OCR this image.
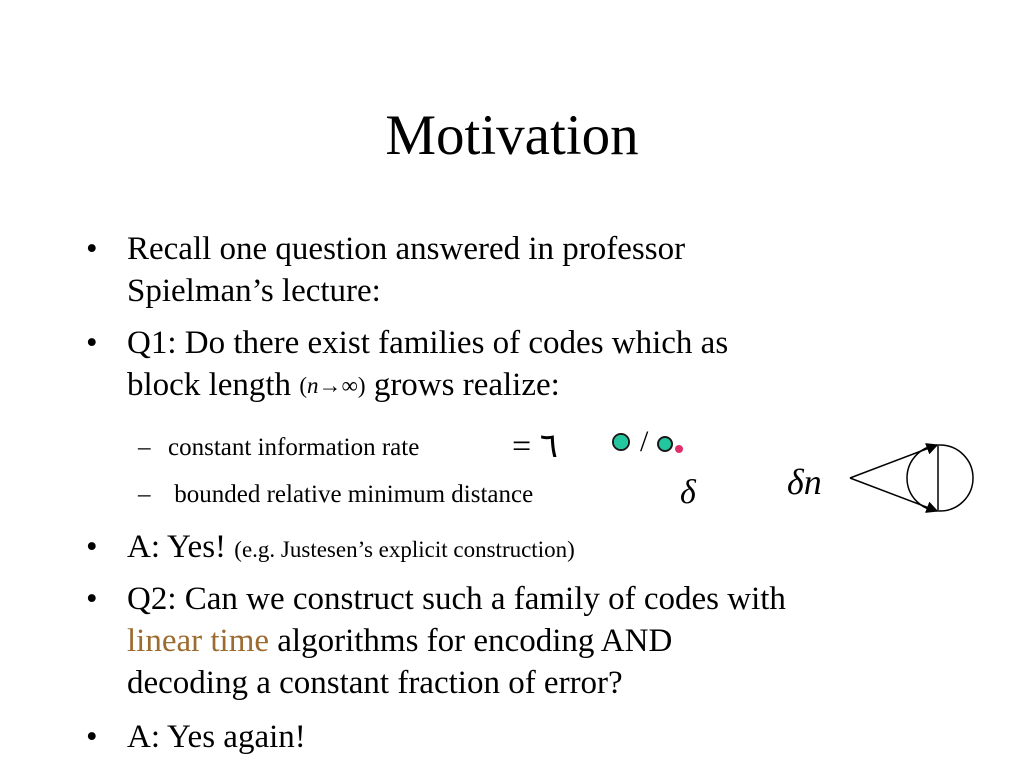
Motivation
• Recall one question answered in professor
Spielman’s lecture:
• Q1: Do there exist families of codes which as
block length (n→∞) grows realize:
– constant information rate	= ٦	/
– bounded relative minimum distance	δ	δn
• A: Yes! (e.g. Justesen’s explicit construction)
• Q2: Can we construct such a family of codes with
linear time algorithms for encoding AND
decoding a constant fraction of error?
• A: Yes again!
